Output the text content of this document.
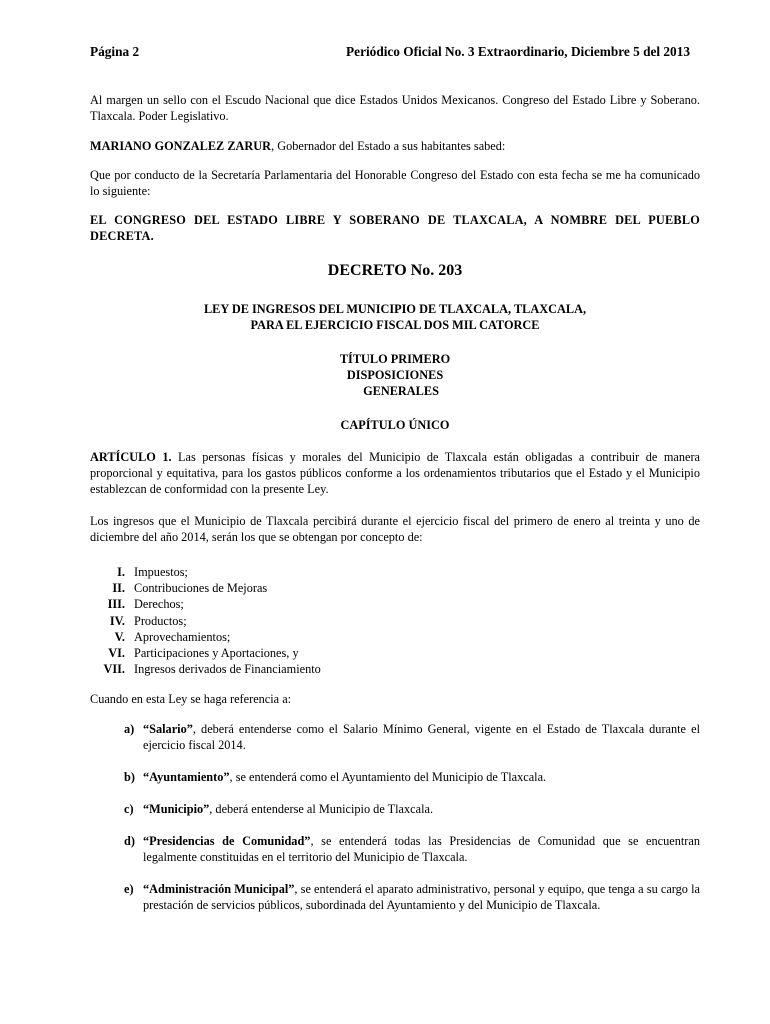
Página 2	Periódico Oficial No. 3 Extraordinario, Diciembre 5 del 2013

Al margen un sello con el Escudo Nacional que dice Estados Unidos Mexicanos. Congreso del Estado Libre y Soberano. Tlaxcala. Poder Legislativo.

MARIANO GONZALEZ ZARUR, Gobernador del Estado a sus habitantes sabed:

Que por conducto de la Secretaría Parlamentaria del Honorable Congreso del Estado con esta fecha se me ha comunicado lo siguiente:

EL CONGRESO DEL ESTADO LIBRE Y SOBERANO DE TLAXCALA, A NOMBRE DEL PUEBLO DECRETA.

DECRETO No. 203
LEY DE INGRESOS DEL MUNICIPIO DE TLAXCALA, TLAXCALA,
PARA EL EJERCICIO FISCAL DOS MIL CATORCE
TÍTULO PRIMERO
DISPOSICIONES
GENERALES
CAPÍTULO ÚNICO

ARTÍCULO 1. Las personas físicas y morales del Municipio de Tlaxcala están obligadas a contribuir de manera proporcional y equitativa, para los gastos públicos conforme a los ordenamientos tributarios que el Estado y el Municipio establezcan de conformidad con la presente Ley.

Los ingresos que el Municipio de Tlaxcala percibirá durante el ejercicio fiscal del primero de enero al treinta y uno de diciembre del año 2014, serán los que se obtengan por concepto de:

I. Impuestos;
II. Contribuciones de Mejoras
III. Derechos;
IV. Productos;
V. Aprovechamientos;
VI. Participaciones y Aportaciones, y
VII. Ingresos derivados de Financiamiento

Cuando en esta Ley se haga referencia a:

a) “Salario”, deberá entenderse como el Salario Mínimo General, vigente en el Estado de Tlaxcala durante el ejercicio fiscal 2014.
b) “Ayuntamiento”, se entenderá como el Ayuntamiento del Municipio de Tlaxcala.
c) “Municipio”, deberá entenderse al Municipio de Tlaxcala.
d) “Presidencias de Comunidad”, se entenderá todas las Presidencias de Comunidad que se encuentran legalmente constituidas en el territorio del Municipio de Tlaxcala.
e) “Administración Municipal”, se entenderá el aparato administrativo, personal y equipo, que tenga a su cargo la prestación de servicios públicos, subordinada del Ayuntamiento y del Municipio de Tlaxcala.
